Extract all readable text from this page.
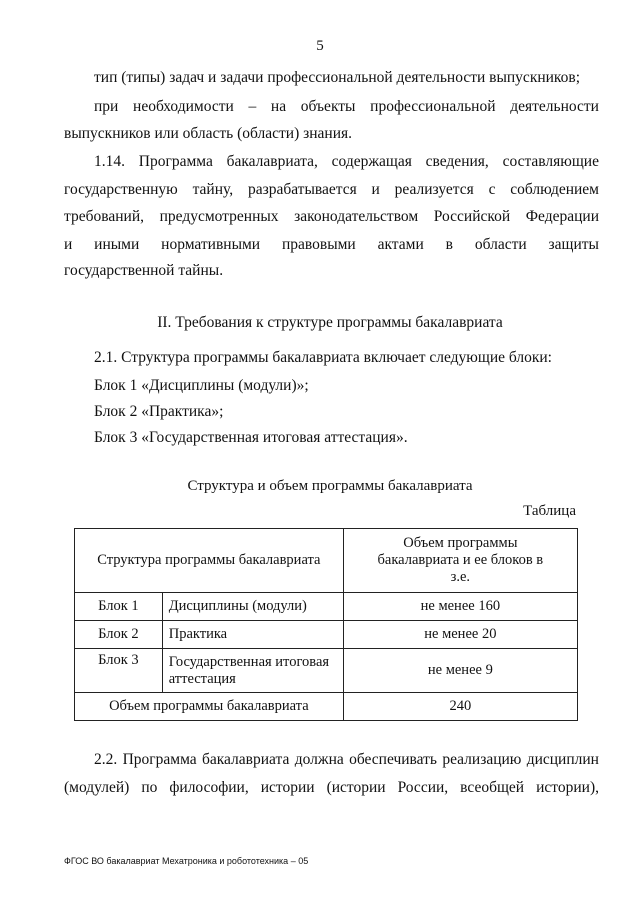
5
тип (типы) задач и задачи профессиональной деятельности выпускников;
при необходимости – на объекты профессиональной деятельности
выпускников или область (области) знания.
1.14. Программа бакалавриата, содержащая сведения, составляющие
государственную тайну, разрабатывается и реализуется с соблюдением
требований, предусмотренных законодательством Российской Федерации
и иными нормативными правовыми актами в области защиты
государственной тайны.
II. Требования к структуре программы бакалавриата
2.1. Структура программы бакалавриата включает следующие блоки:
Блок 1 «Дисциплины (модули)»;
Блок 2 «Практика»;
Блок 3 «Государственная итоговая аттестация».
Структура и объем программы бакалавриата
Таблица
Структура программы бакалавриата		Объем программы бакалавриата и ее блоков в з.е.
Блок 1	Дисциплины (модули)	не менее 160
Блок 2	Практика	не менее 20
Блок 3	Государственная итоговая аттестация	не менее 9
Объем программы бакалавриата		240
2.2. Программа бакалавриата должна обеспечивать реализацию дисциплин
(модулей) по философии, истории (истории России, всеобщей истории),
ФГОС ВО бакалавриат Мехатроника и робототехника – 05
